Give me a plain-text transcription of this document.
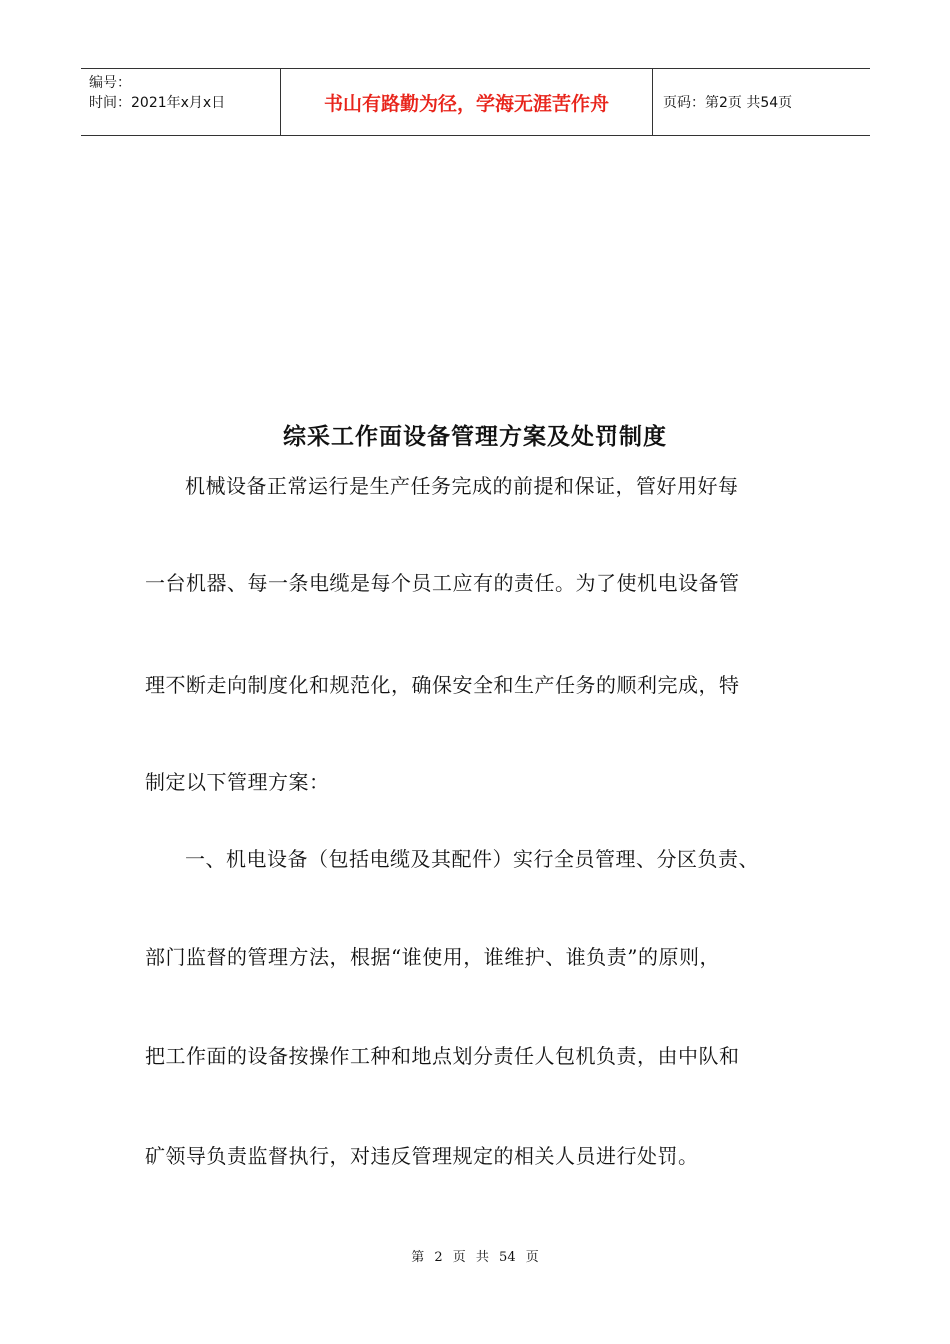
编号：
时间：2021年x月x日	书山有路勤为径，学海无涯苦作舟	页码：第2页 共54页
综采工作面设备管理方案及处罚制度
机械设备正常运行是生产任务完成的前提和保证，管好用好每
一台机器、每一条电缆是每个员工应有的责任。为了使机电设备管
理不断走向制度化和规范化，确保安全和生产任务的顺利完成，特
制定以下管理方案：
一、机电设备（包括电缆及其配件）实行全员管理、分区负责、
部门监督的管理方法，根据“谁使用，谁维护、谁负责”的原则，
把工作面的设备按操作工种和地点划分责任人包机负责，由中队和
矿领导负责监督执行，对违反管理规定的相关人员进行处罚。
第 2 页 共 54 页
